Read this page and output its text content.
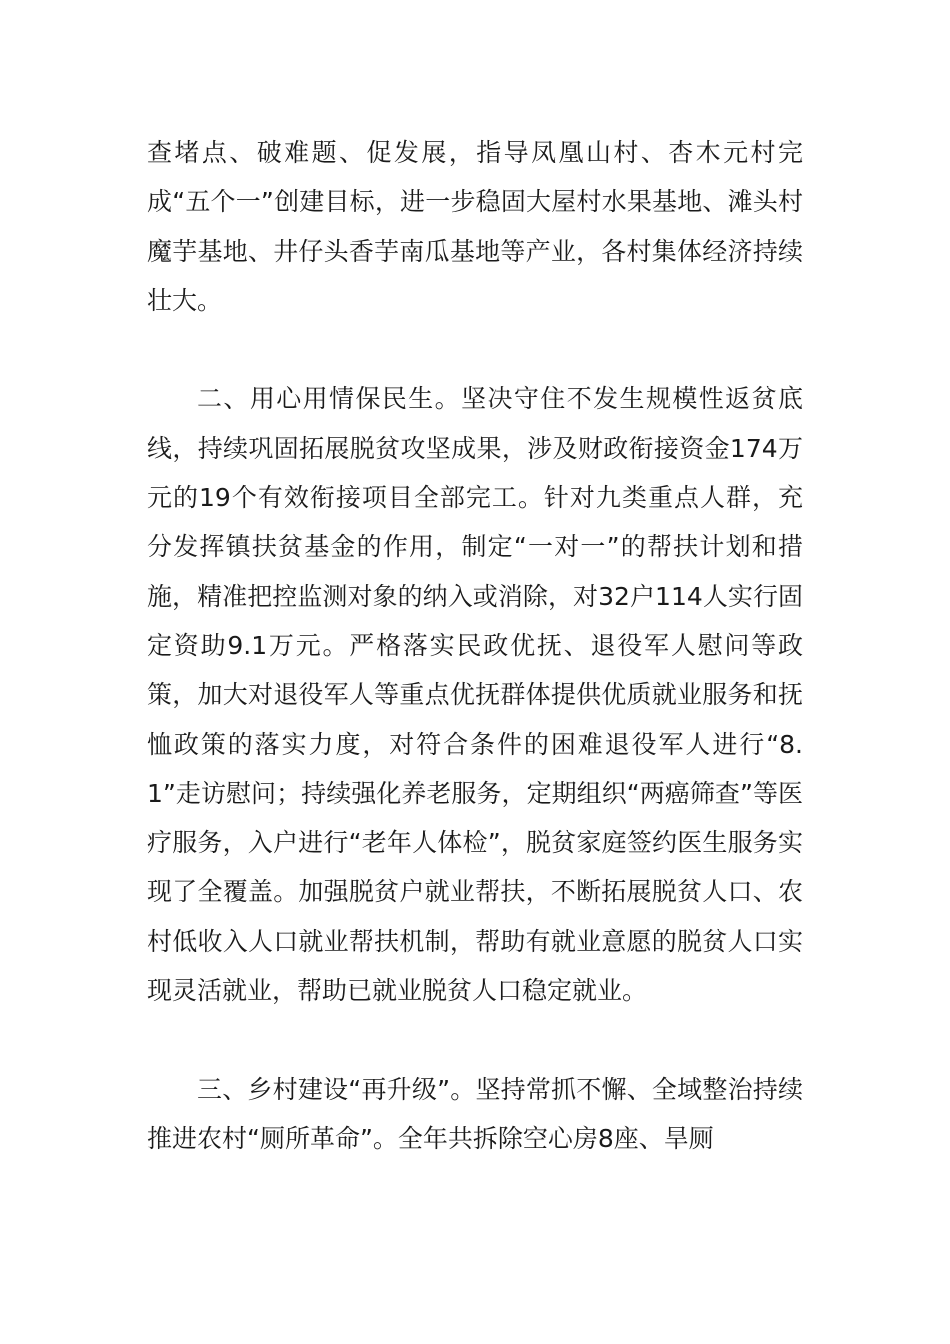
查堵点、破难题、促发展，指导凤凰山村、杏木元村完成“五个一”创建目标，进一步稳固大屋村水果基地、滩头村魔芋基地、井仔头香芋南瓜基地等产业，各村集体经济持续壮大。

二、用心用情保民生。坚决守住不发生规模性返贫底线，持续巩固拓展脱贫攻坚成果，涉及财政衔接资金174万元的19个有效衔接项目全部完工。针对九类重点人群，充分发挥镇扶贫基金的作用，制定“一对一”的帮扶计划和措施，精准把控监测对象的纳入或消除，对32户114人实行固定资助9.1万元。严格落实民政优抚、退役军人慰问等政策，加大对退役军人等重点优抚群体提供优质就业服务和抚恤政策的落实力度，对符合条件的困难退役军人进行“8.1”走访慰问；持续强化养老服务，定期组织“两癌筛查”等医疗服务，入户进行“老年人体检”，脱贫家庭签约医生服务实现了全覆盖。加强脱贫户就业帮扶，不断拓展脱贫人口、农村低收入人口就业帮扶机制，帮助有就业意愿的脱贫人口实现灵活就业，帮助已就业脱贫人口稳定就业。

三、乡村建设“再升级”。坚持常抓不懈、全域整治持续推进农村“厕所革命”。全年共拆除空心房8座、旱厕
